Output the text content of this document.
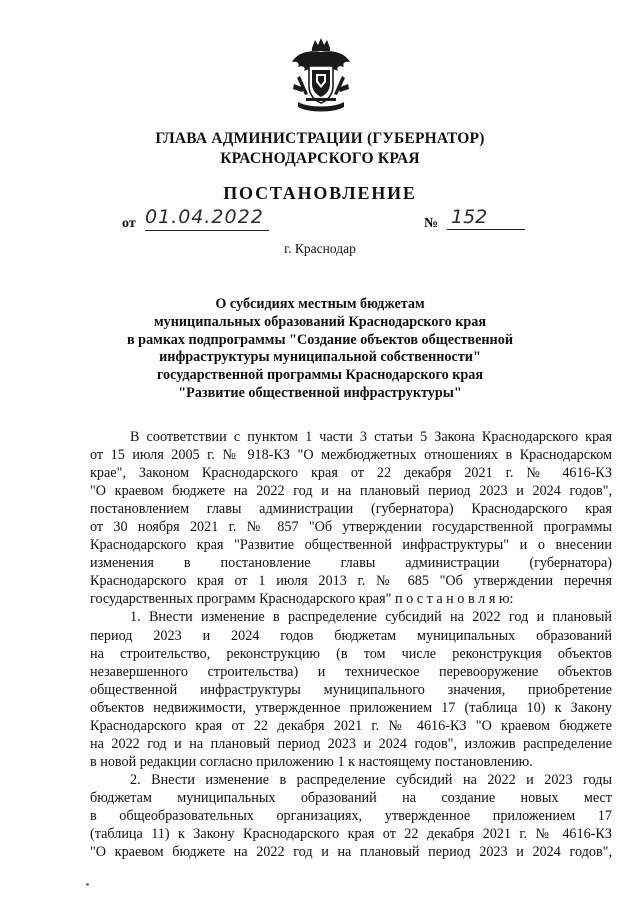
ГЛАВА АДМИНИСТРАЦИИ (ГУБЕРНАТОР)
КРАСНОДАРСКОГО КРАЯ
ПОСТАНОВЛЕНИЕ
от 01.04.2022	№ 152
г. Краснодар
О субсидиях местным бюджетам
муниципальных образований Краснодарского края
в рамках подпрограммы "Создание объектов общественной
инфраструктуры муниципальной собственности"
государственной программы Краснодарского края
"Развитие общественной инфраструктуры"
В соответствии с пунктом 1 части 3 статьи 5 Закона Краснодарского края
от 15 июля 2005 г. № 918-КЗ "О межбюджетных отношениях в Краснодарском
крае", Законом Краснодарского края от 22 декабря 2021 г. № 4616-КЗ
"О краевом бюджете на 2022 год и на плановый период 2023 и 2024 годов",
постановлением главы администрации (губернатора) Краснодарского края
от 30 ноября 2021 г. № 857 "Об утверждении государственной программы
Краснодарского края "Развитие общественной инфраструктуры" и о внесении
изменения в постановление главы администрации (губернатора)
Краснодарского края от 1 июля 2013 г. № 685 "Об утверждении перечня
государственных программ Краснодарского края" п о с т а н о в л я ю:
1. Внести изменение в распределение субсидий на 2022 год и плановый
период 2023 и 2024 годов бюджетам муниципальных образований
на строительство, реконструкцию (в том числе реконструкция объектов
незавершенного строительства) и техническое перевооружение объектов
общественной инфраструктуры муниципального значения, приобретение
объектов недвижимости, утвержденное приложением 17 (таблица 10) к Закону
Краснодарского края от 22 декабря 2021 г. № 4616-КЗ "О краевом бюджете
на 2022 год и на плановый период 2023 и 2024 годов", изложив распределение
в новой редакции согласно приложению 1 к настоящему постановлению.
2. Внести изменение в распределение субсидий на 2022 и 2023 годы
бюджетам муниципальных образований на создание новых мест
в общеобразовательных организациях, утвержденное приложением 17
(таблица 11) к Закону Краснодарского края от 22 декабря 2021 г. № 4616-КЗ
"О краевом бюджете на 2022 год и на плановый период 2023 и 2024 годов",
